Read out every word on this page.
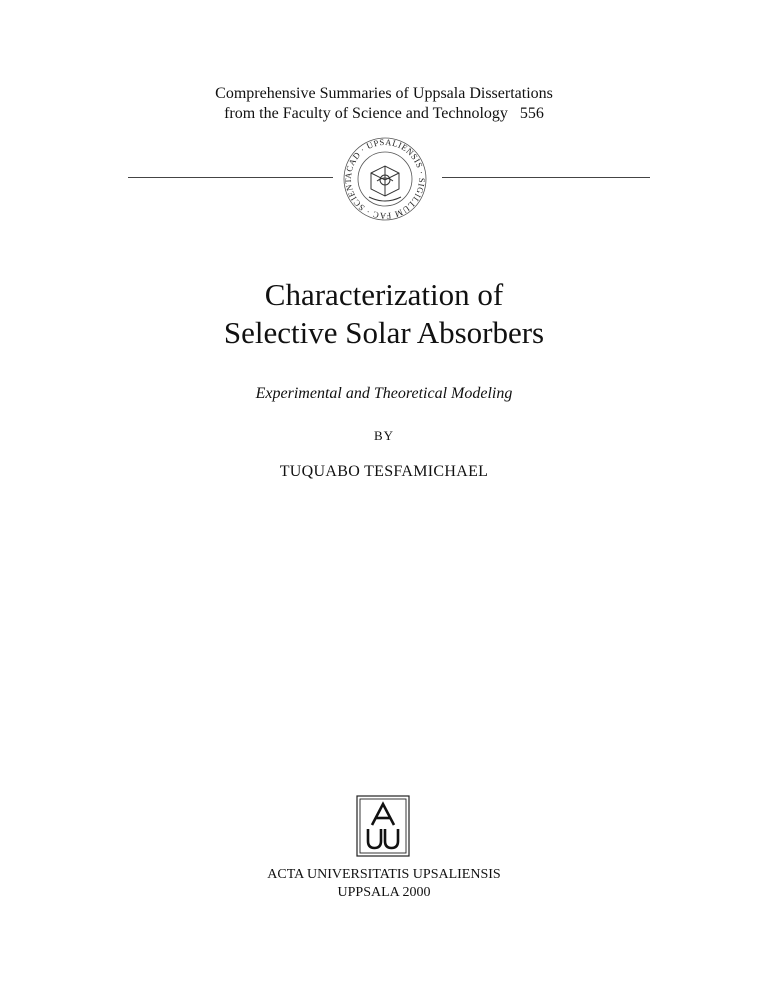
Comprehensive Summaries of Uppsala Dissertations
from the Faculty of Science and Technology   556
ACAD · UPSALIENSIS · SIGILLUM FAC · SCIENT
Characterization of
Selective Solar Absorbers
Experimental and Theoretical Modeling
BY
TUQUABO TESFAMICHAEL
ACTA UNIVERSITATIS UPSALIENSIS
UPPSALA 2000
